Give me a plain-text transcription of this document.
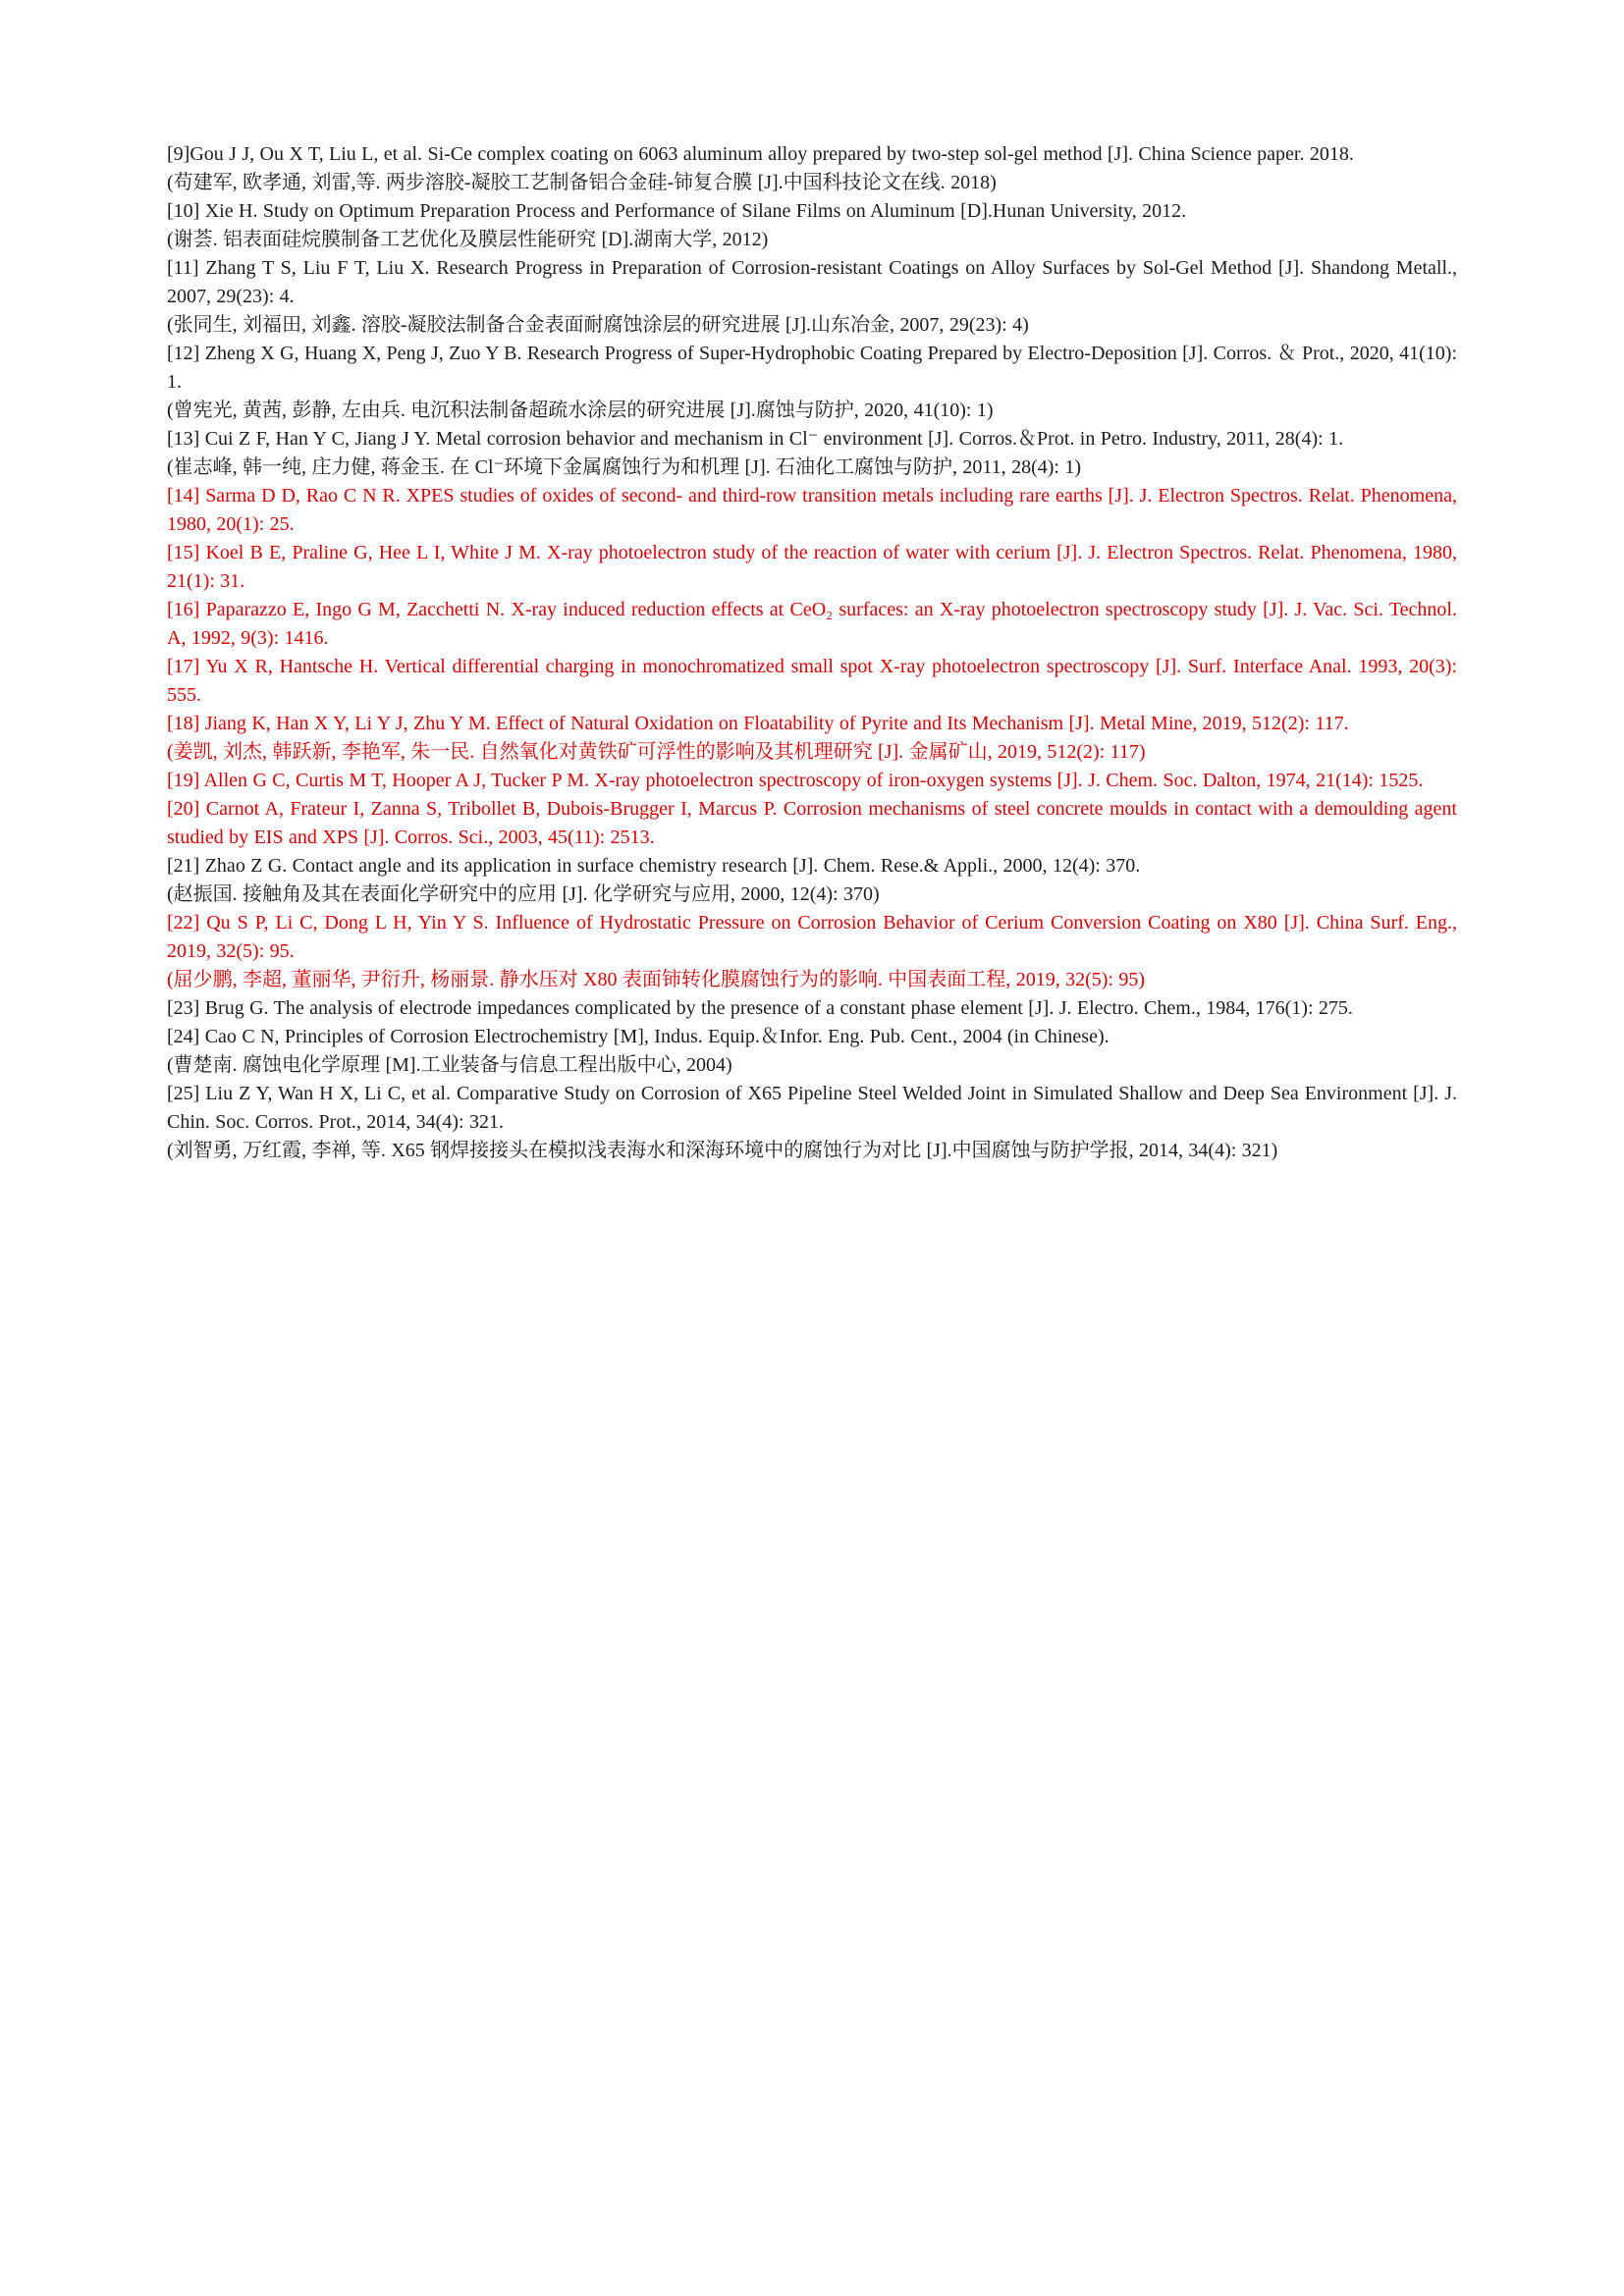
[9]Gou J J, Ou X T, Liu L, et al. Si-Ce complex coating on 6063 aluminum alloy prepared by two-step sol-gel method [J]. China Science paper. 2018.

(苟建军, 欧孝通, 刘雷,等. 两步溶胶-凝胶工艺制备铝合金硅-铈复合膜 [J].中国科技论文在线. 2018)

[10] Xie H. Study on Optimum Preparation Process and Performance of Silane Films on Aluminum [D].Hunan University, 2012.

(谢荟. 铝表面硅烷膜制备工艺优化及膜层性能研究 [D].湖南大学, 2012)

[11] Zhang T S, Liu F T, Liu X. Research Progress in Preparation of Corrosion-resistant Coatings on Alloy Surfaces by Sol-Gel Method [J]. Shandong Metall., 2007, 29(23): 4.

(张同生, 刘福田, 刘鑫. 溶胶-凝胶法制备合金表面耐腐蚀涂层的研究进展 [J].山东冶金, 2007, 29(23): 4)

[12] Zheng X G, Huang X, Peng J, Zuo Y B. Research Progress of Super-Hydrophobic Coating Prepared by Electro-Deposition [J]. Corros. ＆ Prot., 2020, 41(10): 1.

(曾宪光, 黄茜, 彭静, 左由兵. 电沉积法制备超疏水涂层的研究进展 [J].腐蚀与防护, 2020, 41(10): 1)

[13] Cui Z F, Han Y C, Jiang J Y. Metal corrosion behavior and mechanism in Cl⁻ environment [J]. Corros.＆Prot. in Petro. Industry, 2011, 28(4): 1.

(崔志峰, 韩一纯, 庄力健, 蒋金玉. 在 Cl⁻环境下金属腐蚀行为和机理 [J]. 石油化工腐蚀与防护, 2011, 28(4): 1)

[14] Sarma D D, Rao C N R. XPES studies of oxides of second- and third-row transition metals including rare earths [J]. J. Electron Spectros. Relat. Phenomena, 1980, 20(1): 25.

[15] Koel B E, Praline G, Hee L I, White J M. X-ray photoelectron study of the reaction of water with cerium [J]. J. Electron Spectros. Relat. Phenomena, 1980, 21(1): 31.

[16] Paparazzo E, Ingo G M, Zacchetti N. X-ray induced reduction effects at CeO₂ surfaces: an X-ray photoelectron spectroscopy study [J]. J. Vac. Sci. Technol. A, 1992, 9(3): 1416.

[17] Yu X R, Hantsche H. Vertical differential charging in monochromatized small spot X-ray photoelectron spectroscopy [J]. Surf. Interface Anal. 1993, 20(3): 555.

[18] Jiang K, Han X Y, Li Y J, Zhu Y M. Effect of Natural Oxidation on Floatability of Pyrite and Its Mechanism [J]. Metal Mine, 2019, 512(2): 117.

(姜凯, 刘杰, 韩跃新, 李艳军, 朱一民. 自然氧化对黄铁矿可浮性的影响及其机理研究 [J]. 金属矿山, 2019, 512(2): 117)

[19] Allen G C, Curtis M T, Hooper A J, Tucker P M. X-ray photoelectron spectroscopy of iron-oxygen systems [J]. J. Chem. Soc. Dalton, 1974, 21(14): 1525.

[20] Carnot A, Frateur I, Zanna S, Tribollet B, Dubois-Brugger I, Marcus P. Corrosion mechanisms of steel concrete moulds in contact with a demoulding agent studied by EIS and XPS [J]. Corros. Sci., 2003, 45(11): 2513.

[21] Zhao Z G. Contact angle and its application in surface chemistry research [J]. Chem. Rese.& Appli., 2000, 12(4): 370.

(赵振国. 接触角及其在表面化学研究中的应用 [J]. 化学研究与应用, 2000, 12(4): 370)

[22] Qu S P, Li C, Dong L H, Yin Y S. Influence of Hydrostatic Pressure on Corrosion Behavior of Cerium Conversion Coating on X80 [J]. China Surf. Eng., 2019, 32(5): 95.

(屈少鹏, 李超, 董丽华, 尹衍升, 杨丽景. 静水压对 X80 表面铈转化膜腐蚀行为的影响. 中国表面工程, 2019, 32(5): 95)

[23] Brug G. The analysis of electrode impedances complicated by the presence of a constant phase element [J]. J. Electro. Chem., 1984, 176(1): 275.

[24] Cao C N, Principles of Corrosion Electrochemistry [M], Indus. Equip.＆Infor. Eng. Pub. Cent., 2004 (in Chinese).

(曹楚南. 腐蚀电化学原理 [M].工业装备与信息工程出版中心, 2004)

[25] Liu Z Y, Wan H X, Li C, et al. Comparative Study on Corrosion of X65 Pipeline Steel Welded Joint in Simulated Shallow and Deep Sea Environment [J]. J. Chin. Soc. Corros. Prot., 2014, 34(4): 321.

(刘智勇, 万红霞, 李禅, 等. X65 钢焊接接头在模拟浅表海水和深海环境中的腐蚀行为对比 [J].中国腐蚀与防护学报, 2014, 34(4): 321)
